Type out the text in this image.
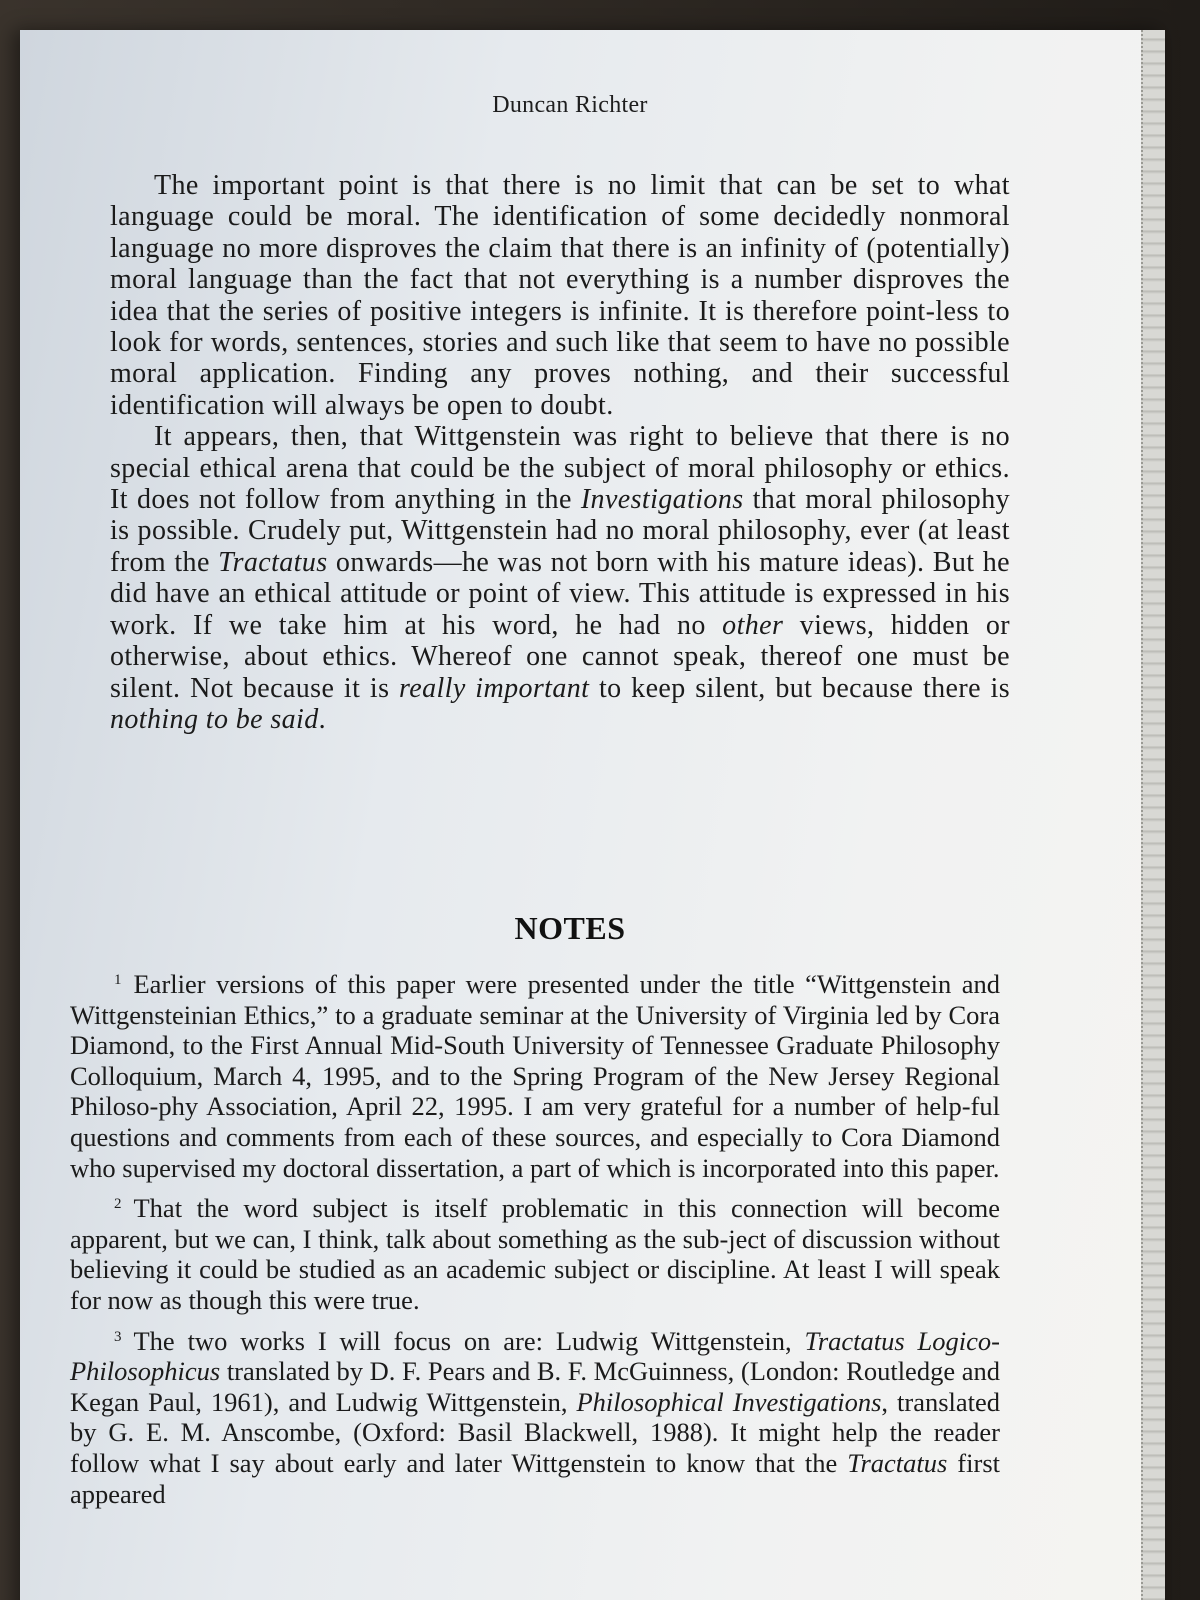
Duncan Richter

The important point is that there is no limit that can be set to what language could be moral. The identification of some decidedly nonmoral language no more disproves the claim that there is an infinity of (potentially) moral language than the fact that not everything is a number disproves the idea that the series of positive integers is infinite. It is therefore point-less to look for words, sentences, stories and such like that seem to have no possible moral application. Finding any proves nothing, and their successful identification will always be open to doubt.

It appears, then, that Wittgenstein was right to believe that there is no special ethical arena that could be the subject of moral philosophy or ethics. It does not follow from anything in the Investigations that moral philosophy is possible. Crudely put, Wittgenstein had no moral philosophy, ever (at least from the Tractatus onwards—he was not born with his mature ideas). But he did have an ethical attitude or point of view. This attitude is expressed in his work. If we take him at his word, he had no other views, hidden or otherwise, about ethics. Whereof one cannot speak, thereof one must be silent. Not because it is really important to keep silent, but because there is nothing to be said.

NOTES

$^1$ Earlier versions of this paper were presented under the title “Wittgenstein and Wittgensteinian Ethics,” to a graduate seminar at the University of Virginia led by Cora Diamond, to the First Annual Mid-South University of Tennessee Graduate Philosophy Colloquium, March 4, 1995, and to the Spring Program of the New Jersey Regional Philoso-phy Association, April 22, 1995. I am very grateful for a number of help-ful questions and comments from each of these sources, and especially to Cora Diamond who supervised my doctoral dissertation, a part of which is incorporated into this paper.

$^2$ That the word subject is itself problematic in this connection will become apparent, but we can, I think, talk about something as the sub-ject of discussion without believing it could be studied as an academic subject or discipline. At least I will speak for now as though this were true.

$^3$ The two works I will focus on are: Ludwig Wittgenstein, Tractatus Logico-Philosophicus translated by D. F. Pears and B. F. McGuinness, (London: Routledge and Kegan Paul, 1961), and Ludwig Wittgenstein, Philosophical Investigations, translated by G. E. M. Anscombe, (Oxford: Basil Blackwell, 1988). It might help the reader follow what I say about early and later Wittgenstein to know that the Tractatus first appeared
